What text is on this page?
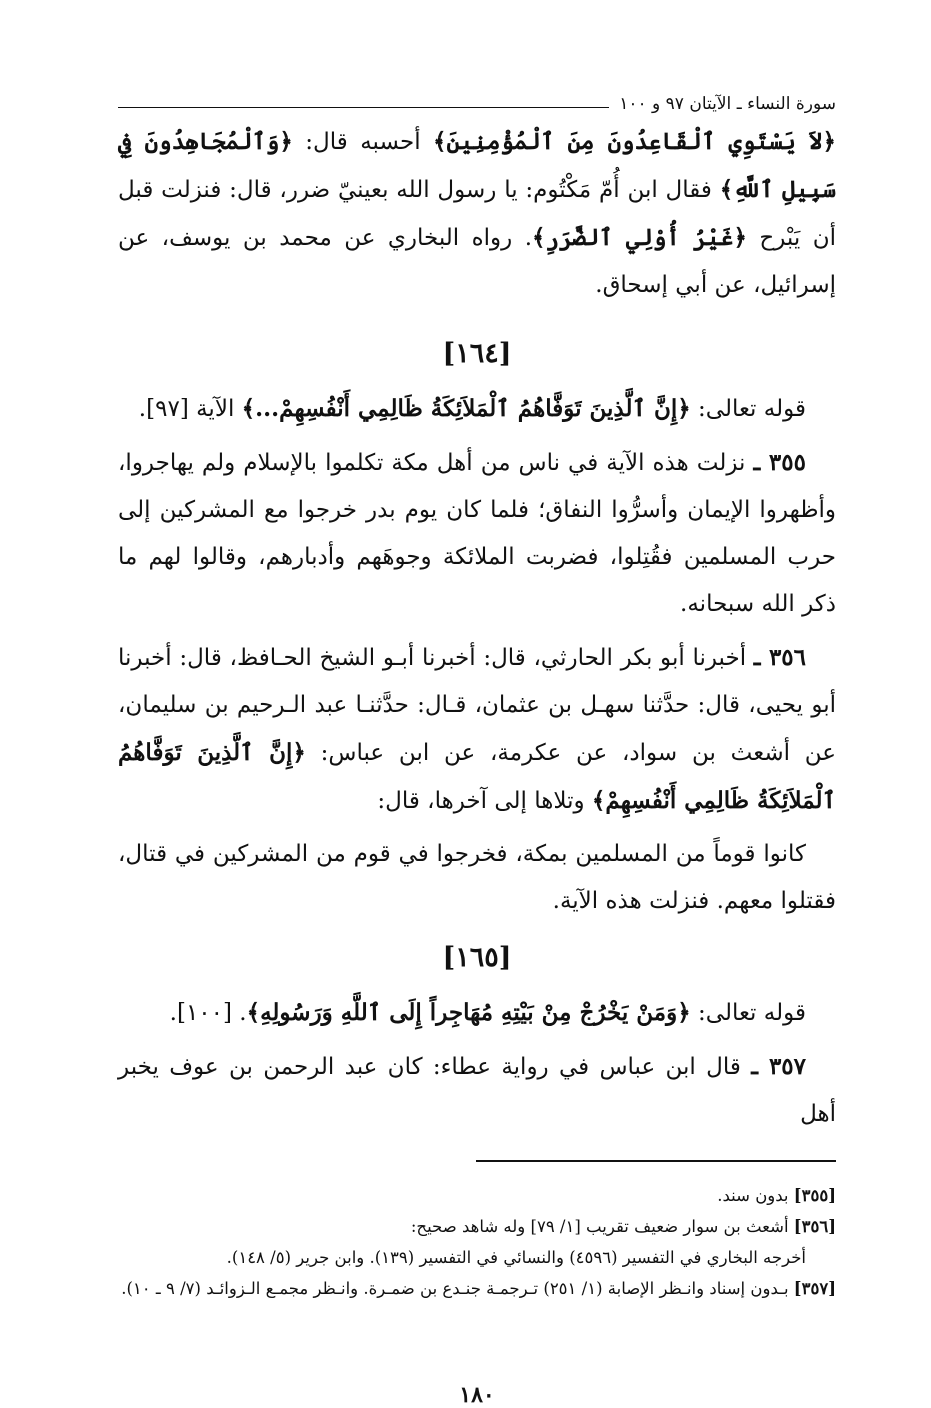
سورة النساء ـ الآيتان ٩٧ و ١٠٠

﴿لاَ يَسْتَوِي ٱلْقَاعِدُونَ مِنَ ٱلْمُؤْمِنِينَ﴾ أحسبه قال: ﴿وَٱلْمُجَاهِدُونَ فِي سَبِيلِ ٱللَّهِ﴾ فقال ابن أُمّ مَكْتُوم: يا رسول الله بعينيّ ضرر، قال: فنزلت قبل أن يَبْرح ﴿غَيْرُ أُوْلِي ٱلضَّرَرِ﴾. رواه البخاري عن محمد بن يوسف، عن إسرائيل، عن أبي إسحاق.

[١٦٤]

قوله تعالى: ﴿إِنَّ ٱلَّذِينَ تَوَفَّاهُمُ ٱلْمَلاَئِكَةُ ظَالِمِي أَنْفُسِهِمْ...﴾ الآية [٩٧].

٣٥٥ ـ نزلت هذه الآية في ناس من أهل مكة تكلموا بالإسلام ولم يهاجروا، وأظهروا الإيمان وأسرُّوا النفاق؛ فلما كان يوم بدر خرجوا مع المشركين إلى حرب المسلمين فقُتِلوا، فضربت الملائكة وجوهَهم وأدبارهم، وقالوا لهم ما ذكر الله سبحانه.

٣٥٦ ـ أخبرنا أبو بكر الحارثي، قال: أخبرنا أبـو الشيخ الحـافظ، قال: أخبرنا أبو يحيى، قال: حدَّثنا سهـل بن عثمان، قـال: حدَّثنـا عبد الـرحيم بن سليمان، عن أشعث بن سواد، عن عكرمة، عن ابن عباس: ﴿إِنَّ ٱلَّذِينَ تَوَفَّاهُمُ ٱلْمَلاَئِكَةُ ظَالِمِي أَنْفُسِهِمْ﴾ وتلاها إلى آخرها، قال:

كانوا قوماً من المسلمين بمكة، فخرجوا في قوم من المشركين في قتال، فقتلوا معهم. فنزلت هذه الآية.

[١٦٥]

قوله تعالى: ﴿وَمَنْ يَخْرُجْ مِنْ بَيْتِهِ مُهَاجِراً إِلَى ٱللَّهِ وَرَسُولِهِ﴾. [١٠٠].

٣٥٧ ـ قال ابن عباس في رواية عطاء: كان عبد الرحمن بن عوف يخبر أهل

[٣٥٥] بدون سند.

[٣٥٦] أشعث بن سوار ضعيف تقريب [١/ ٧٩] وله شاهد صحيح:

أخرجه البخاري في التفسير (٤٥٩٦) والنسائي في التفسير (١٣٩). وابن جرير (٥/ ١٤٨).

[٣٥٧] بـدون إسناد وانـظر الإصابة (١/ ٢٥١) تـرجمـة جنـدع بن ضمـرة. وانـظر مجمـع الـزوائـد (٧/ ٩ ـ ١٠).

١٨٠
